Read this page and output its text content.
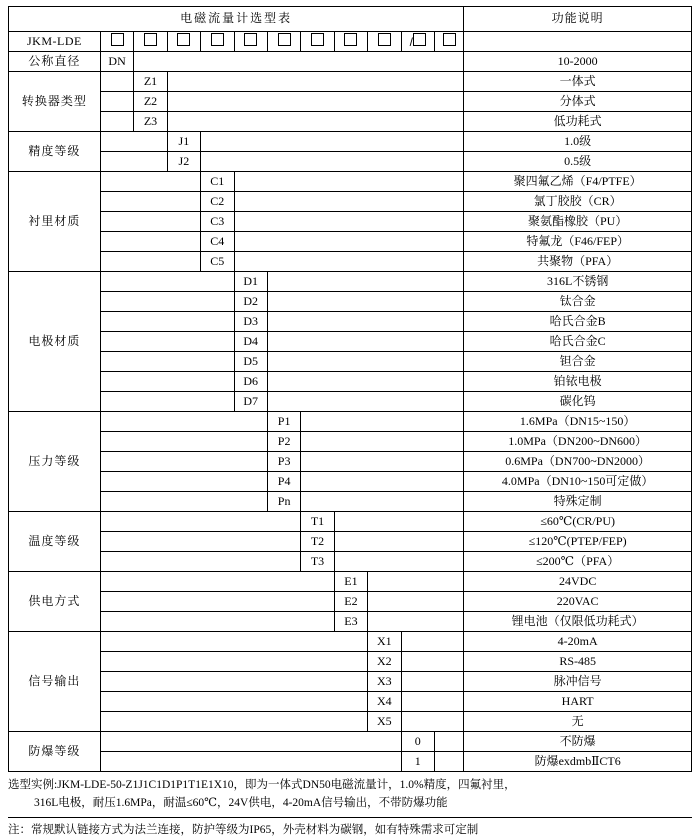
电磁流量计选型表												功能说明
JKM-LDE										/		
公称直径	DN											10-2000
转换器类型		Z1										一体式
		Z2										分体式
		Z3										低功耗式
精度等级			J1									1.0级
			J2									0.5级
衬里材质				C1								聚四氟乙烯（F4/PTFE）
				C2								氯丁胶胶（CR）
				C3								聚氨酯橡胶（PU）
				C4								特氟龙（F46/FEP）
				C5								共聚物（PFA）
电极材质					D1							316L不锈钢
					D2							钛合金
					D3							哈氏合金B
					D4							哈氏合金C
					D5							钽合金
					D6							铂铱电极
					D7							碳化钨
压力等级						P1						1.6MPa（DN15~150）
						P2						1.0MPa（DN200~DN600）
						P3						0.6MPa（DN700~DN2000）
						P4						4.0MPa（DN10~150可定做）
						Pn						特殊定制
温度等级							T1					≤60℃(CR/PU)
							T2					≤120℃(PTEP/FEP)
							T3					≤200℃（PFA）
供电方式								E1				24VDC
								E2				220VAC
								E3				锂电池（仅限低功耗式）
信号输出									X1			4-20mA
									X2			RS-485
									X3			脉冲信号
									X4			HART
									X5			无
防爆等级										0		不防爆
										1		防爆exdmbⅡCT6
选型实例:JKM-LDE-50-Z1J1C1D1P1T1E1X10，即为一体式DN50电磁流量计，1.0%精度，四氟衬里，
316L电极，耐压1.6MPa，耐温≤60℃，24V供电，4-20mA信号输出，不带防爆功能
注：常规默认链接方式为法兰连接，防护等级为IP65，外壳材料为碳钢，如有特殊需求可定制
